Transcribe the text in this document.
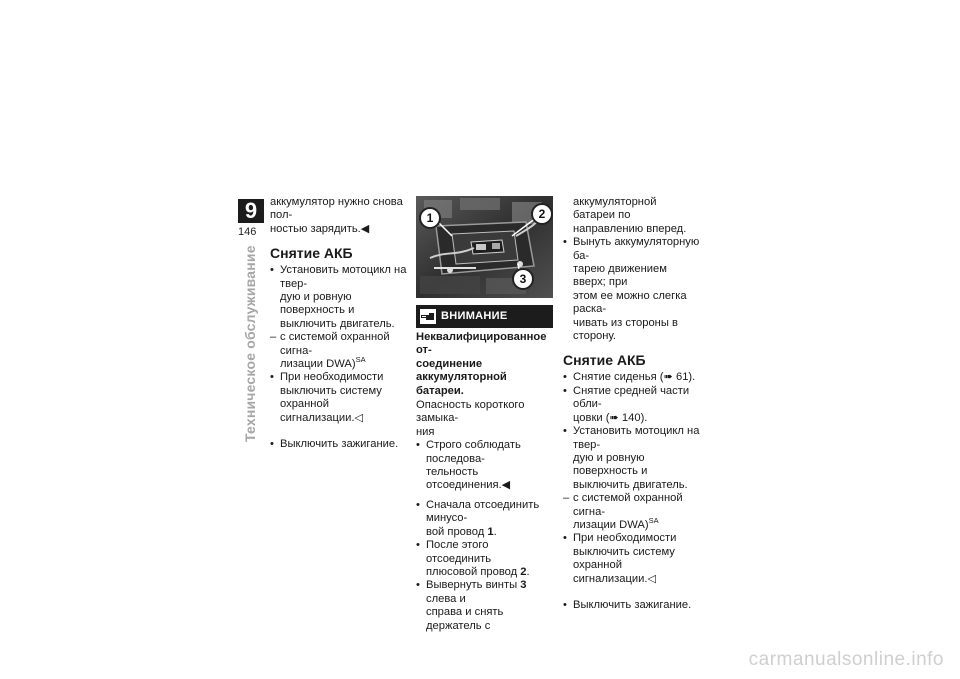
9
146
Техническое обслуживание

аккумулятор нужно снова пол-
ностью зарядить.◀

Снятие АКБ
• Установить мотоцикл на твер-
дую и ровную поверхность и
выключить двигатель.
– с системой охранной сигна-
лизации DWA)$^{SA}$
• При необходимости
выключить систему охранной
сигнализации.◁
• Выключить зажигание.
1	2
3
ВНИМАНИЕ

Неквалифицированное от-
соединение аккумуляторной
батареи.

Опасность короткого замыка-
ния

• Строго соблюдать последова-
тельность отсоединения.◀
• Сначала отсоединить минусо-
вой провод 1.
• После этого отсоединить
плюсовой провод 2.
• Вывернуть винты 3 слева и
справа и снять держатель с

аккумуляторной батареи по
направлению вперед.

• Вынуть аккумуляторную ба-
тарею движением вверх; при
этом ее можно слегка раска-
чивать из стороны в сторону.
Снятие АКБ
• Снятие сиденья (➠ 61).
• Снятие средней части обли-
цовки (➠ 140).
• Установить мотоцикл на твер-
дую и ровную поверхность и
выключить двигатель.
– с системой охранной сигна-
лизации DWA)$^{SA}$
• При необходимости
выключить систему охранной
сигнализации.◁
• Выключить зажигание.
carmanualsonline.info
